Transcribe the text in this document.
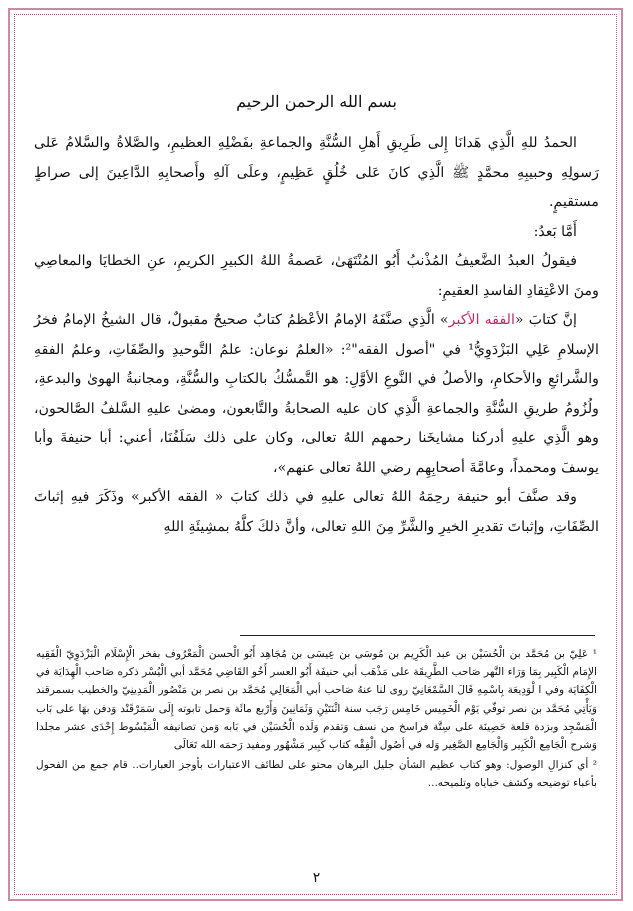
بسم الله الرحمن الرحيم

الحمدُ للهِ الَّذِي هَدانَا إِلى طَرِيقِ أَهلِ السُّنَّةِ والجماعةِ بفَضْلِهِ العظيمِ، والصَّلاةُ والسَّلامُ عَلى رَسولِهِ وحبيبِهِ محمَّدٍ ﷺ الَّذِي كانَ عَلى خُلُقٍ عَظِيمٍ، وعلَى آلهِ وأَصحابِهِ الدَّاعِينَ إلى صراطٍ مستقيمٍ.

أَمَّا بَعدُ:

فيقولُ العبدُ الضَّعيفُ المُذْنبُ أَبُو المُنْتَهَىٰ، عَصمةُ اللهُ الكبيرِ الكريمِ، عنِ الخطايَا والمعاصِي ومنَ الاعْتِقادِ الفاسدِ العقيمِ:

إنَّ كتابَ «الفقه الأكبر» الَّذِي صنَّفَهُ الإمامُ الأعْظمُ كتابٌ صحيحٌ مقبولٌ، قال الشيخُ الإمامُ فخرُ الإسلامِ عَلِي البَزْدَوِيُّ¹ في "أصول الفقه"²: «العلمُ نوعان: علمُ التَّوحيدِ والصِّفَاتِ، وعلمُ الفقهِ والشَّرائعِ والأحكامِ، والأصلُ في النَّوعِ الأوَّلِ: هو التَّمسُّكُ بالكتابِ والسُّنَّةِ، ومجانبةُ الهوىٰ والبدعةِ، ولُزُومُ طريقِ السُّنَّةِ والجماعةِ الَّذِي كان عليه الصحابةُ والتَّابعون، ومضىٰ عليهِ السَّلفُ الصَّالحون، وهو الَّذِي عليهِ أدركنا مشايخَنا رحمهم اللهُ تعالى، وكان على ذلك سَلَفُنَا، أعني: أبا حنيفةَ وأبا يوسفَ ومحمداً، وعامَّةَ أصحابِهِم رضي اللهُ تعالى عنهم»،

وقد صنَّفَ أبو حنيفة رحِمَهُ اللهُ تعالى عليهِ في ذلك كتابَ « الفقه الأكبر» وذَكَرَ فيهِ إثباتَ الصِّفَاتِ، وإثباتَ تقديرِ الخيرِ والشَّرِّ مِنَ اللهِ تعالى، وأنَّ ذلكَ كلَّهُ بمشِيئَةِ اللهِ

¹ عَلِيّ بن مُحَمَّد بن الْحُسَيْن بن عبد الْكَرِيم بن مُوسَى بن عِيسَى بن مُجَاهِد أَبُو الْحسن الْمَعْرُوف بفخر الْإِسْلَام الْبَزْدَوِيّ الْفَقِيه الإِمَام الْكَبِير بِمَا وَرَاء النَّهر صَاحب الطَّرِيقَة على مَذْهَب أبي حنيفَة أَبُو العسر أَخُو القَاضِي مُحَمَّد أبي الْيُسْر ذكره صَاحب الْهِدَايَة في الْكِفَايَة وفي ا لْوَدِيعَة بِاسْمِهِ قَالَ السَّمْعَانِيّ روى لنا عنهُ صَاحب أبي الْمَعَالِي مُحَمَّد بن نصر بن مَنْصُور الْمَدِينِيّ والخطيب بسمرقند وَيَأْتِي مُحَمَّد بن نصر توفّي يَوْم الْخَمِيس خَامِس رَجَب سنة اثْنَتَيْنِ وَثَمَانِينَ وَأَرْبع مائَة وَحمل تابوته إِلَى سَمَرْقَنْد وَدفن بهَا على بَاب الْمَسْجِد وبزدة قلعة حَصِينَة على سِتَّة فراسخ من نسف وَتقدم وَلَده الْحُسَيْن في بَابه وَمن تصانيفه الْمَبْسُوط إِحْدَى عشر مجلدا وَشرح الْجَامِع الْكَبِير وَالْجَامِع الصَّغِير وَله في أصُول الْفِقْه كتاب كَبِير مَشْهُور ومفيد رَحمَه الله تَعَالَى

² أي كنزالِ الوصول: وهو كتاب عظيم الشأن جليل البرهان محتو على لطائف الاعتبارات بأوجز العبارات.. قام جمع من الفحول بأعباء توضيحه وكشف خباياه وتلميحه...

٢
